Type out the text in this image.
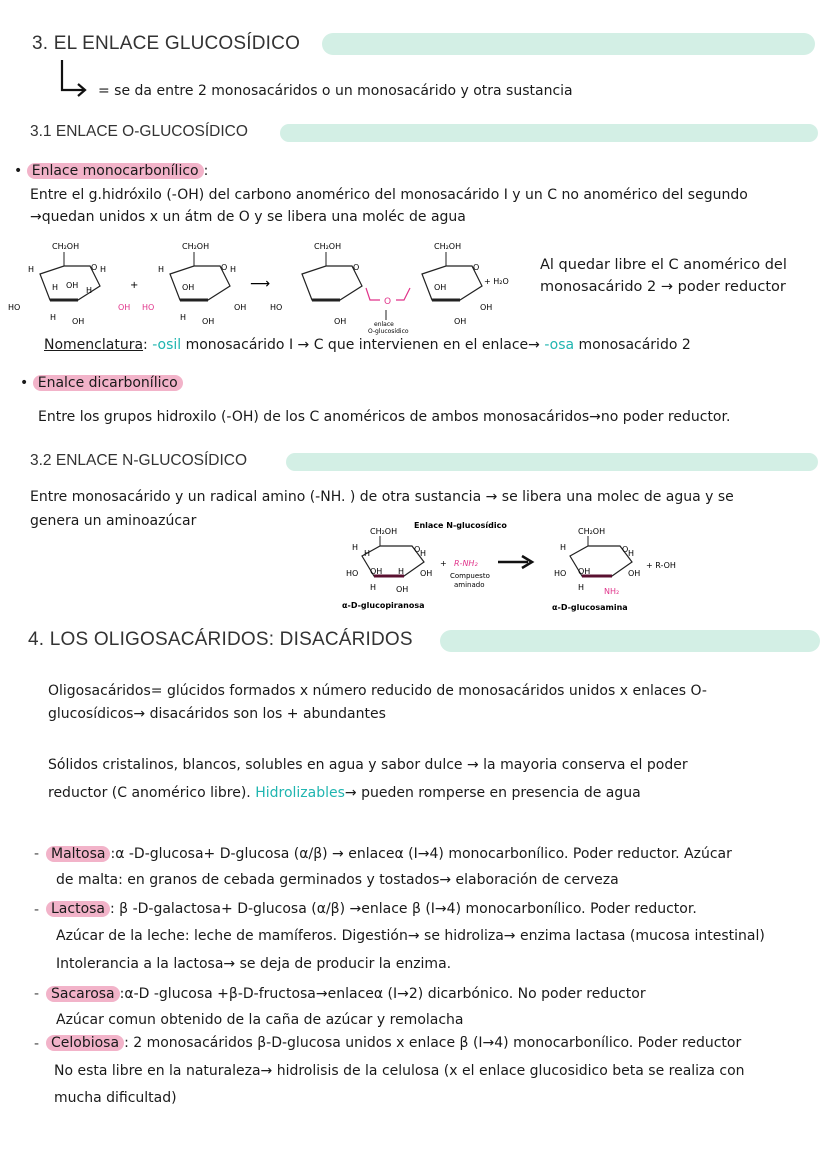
3. EL ENLACE GLUCOSÍDICO
= se da entre 2 monosacáridos o un monosacárido y otra sustancia
3.1 ENLACE O-GLUCOSÍDICO
• Enlace monocarbonílico :
Entre el g.hidróxilo (-OH) del carbono anomérico del monosacárido I y un C no anomérico del segundo
→quedan unidos x un átm de O y se libera una moléc de agua
CH₂OH
O
H
H OH
H
HO
H
H OH
OH
+
CH₂OH
O
H
OH
H
HO
H OH
OH
⟶
CH₂OH
O
HO
OH
O
enlace
O-glucosídico
CH₂OH
O
OH
OH
+ H₂O
OH
Al quedar libre el C anomérico del
monosacárido 2 → poder reductor
Nomenclatura: -osil monosacárido I → C que intervienen en el enlace→ -osa monosacárido 2
• Enalce dicarbonílico
Entre los grupos hidroxilo (-OH) de los C anoméricos de ambos monosacáridos→no poder reductor.
3.2 ENLACE N-GLUCOSÍDICO
Entre monosacárido y un radical amino (-NH. ) de otra sustancia → se libera una molec de agua y se
genera un aminoazúcar	Enlace N-glucosídico
CH₂OH
O
H
H
OH
HO	H
H
OH
H OH
α-D-glucopiranosa
+ R-NH₂
Compuesto
aminado
CH₂OH
O
H
OH
HO
H
OH
H NH₂
α-D-glucosamina
+ R-OH
4. LOS OLIGOSACÁRIDOS: DISACÁRIDOS
Oligosacáridos= glúcidos formados x número reducido de monosacáridos unidos x enlaces O-
glucosídicos→ disacáridos son los + abundantes
Sólidos cristalinos, blancos, solubles en agua y sabor dulce → la mayoria conserva el poder
reductor (C anomérico libre). Hidrolizables→ pueden romperse en presencia de agua
- Maltosa :α -D-glucosa+ D-glucosa (α/β) → enlaceα (I→4) monocarbonílico. Poder reductor. Azúcar
de malta: en granos de cebada germinados y tostados→ elaboración de cerveza
- Lactosa : β -D-galactosa+ D-glucosa (α/β) →enlace β (I→4) monocarbonílico. Poder reductor.
Azúcar de la leche: leche de mamíferos. Digestión→ se hidroliza→ enzima lactasa (mucosa intestinal)
Intolerancia a la lactosa→ se deja de producir la enzima.
- Sacarosa :α-D -glucosa +β-D-fructosa→enlaceα (I→2) dicarbónico. No poder reductor
Azúcar comun obtenido de la caña de azúcar y remolacha
- Celobiosa : 2 monosacáridos β-D-glucosa unidos x enlace β (I→4) monocarbonílico. Poder reductor
No esta libre en la naturaleza→ hidrolisis de la celulosa (x el enlace glucosidico beta se realiza con
mucha dificultad)
